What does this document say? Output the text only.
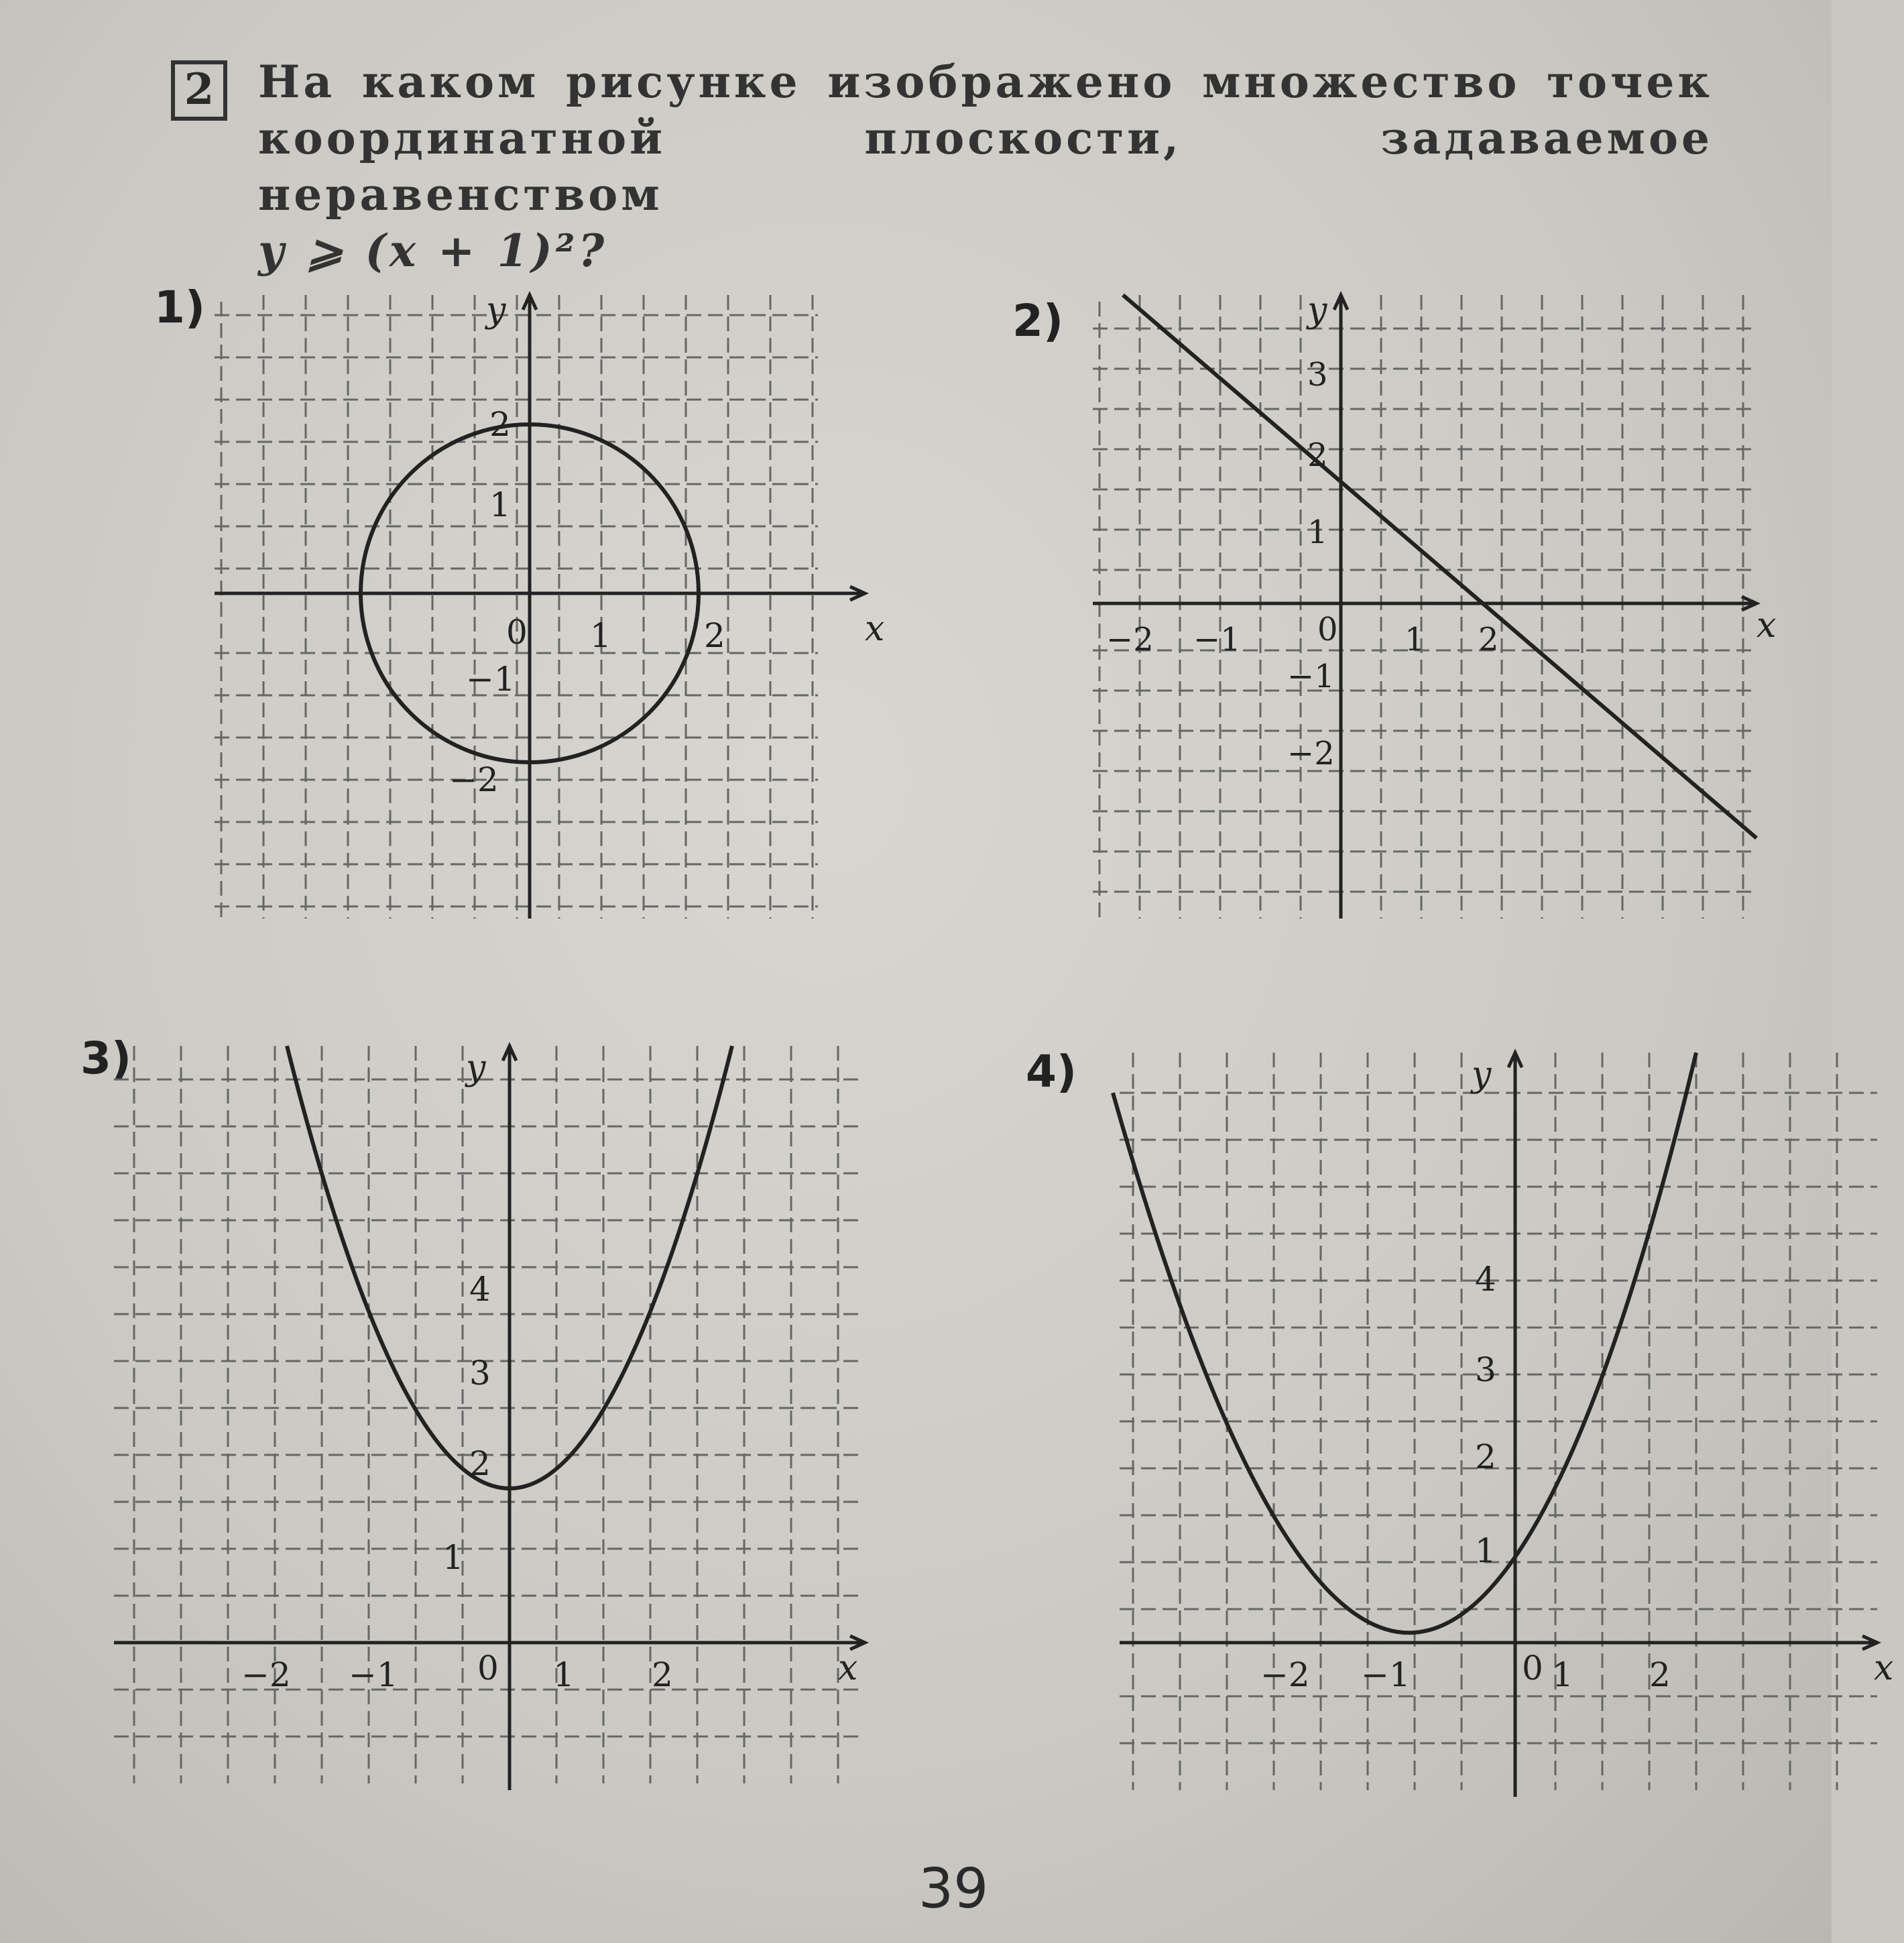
2 На каком рисунке изображено множество точек координатной плоскости, задаваемое неравенством
y ⩾ (x + 1)²?
1)
x
y
0 1	2
1
2
−1
−2
2)
x
y
0
−2 −1	1 2
1
2
3
−1
−2
3)
x
y
0
−2 −1	1 2
1
2
3
4
4)
x
y
0
−2 −1	1 2
1
2
3
4
39
